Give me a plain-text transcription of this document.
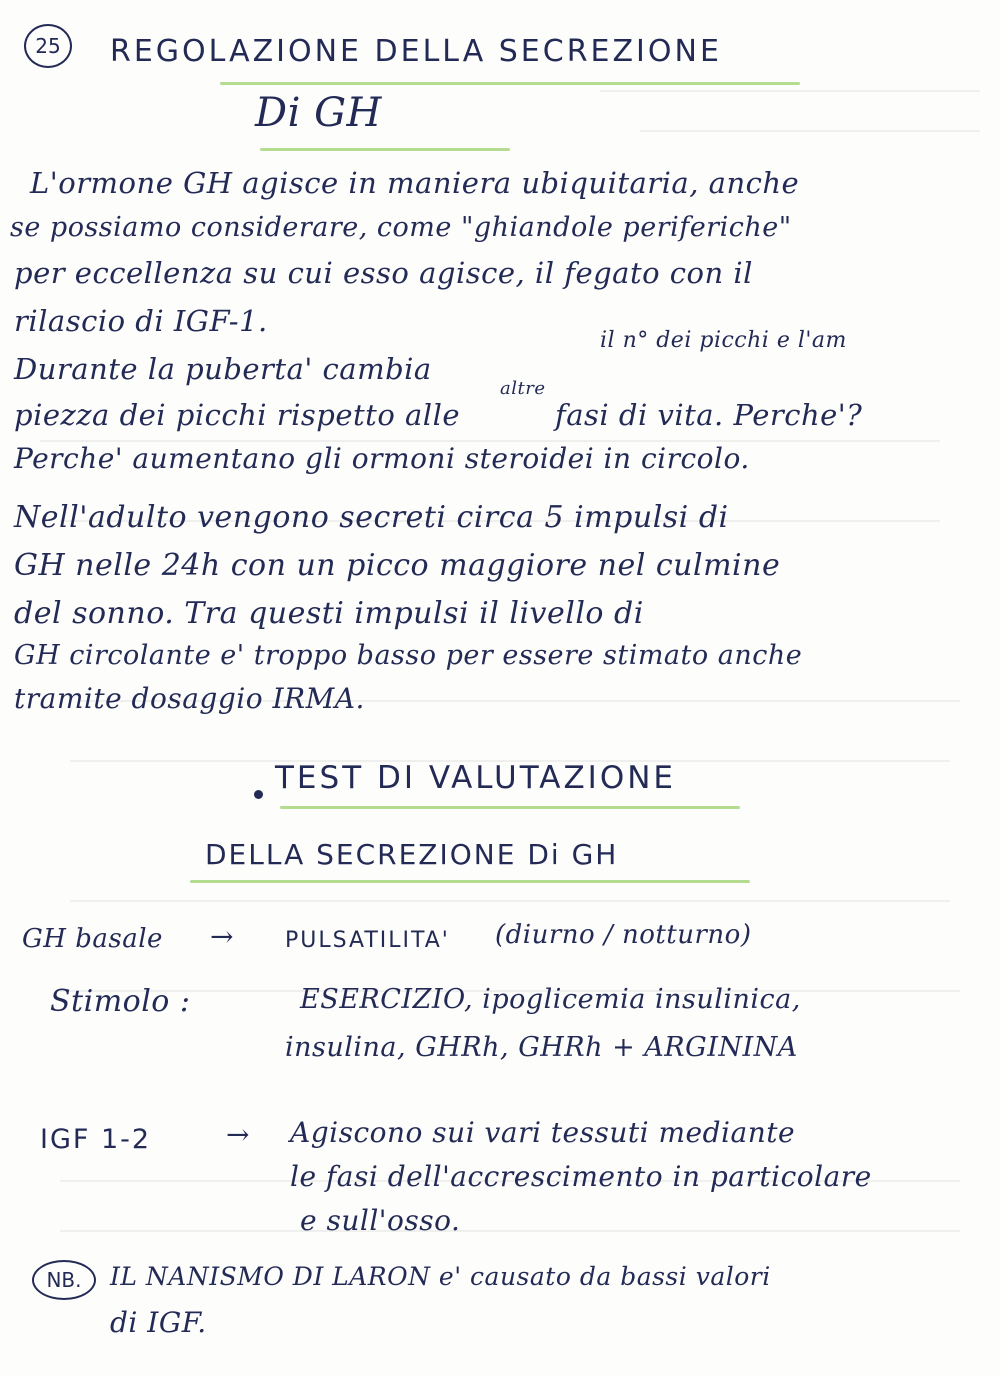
25 REGOLAZIONE DELLA SECREZIONE
Di GH
L'ormone GH agisce in maniera ubiquitaria, anche
se possiamo considerare, come "ghiandole periferiche"
per eccellenza su cui esso agisce, il fegato con il
rilascio di IGF-1.
il n° dei picchi e l'am
Durante la puberta' cambia
altre
piezza dei picchi rispetto alle	fasi di vita. Perche'?
Perche' aumentano gli ormoni steroidei in circolo.
Nell'adulto vengono secreti circa 5 impulsi di
GH nelle 24h con un picco maggiore nel culmine
del sonno. Tra questi impulsi il livello di
GH circolante e' troppo basso per essere stimato anche
tramite dosaggio IRMA.
TEST DI VALUTAZIONE
DELLA SECREZIONE Di GH
GH basale → PULSATILITA' (diurno / notturno)
Stimolo :	ESERCIZIO, ipoglicemia insulinica,
insulina, GHRh, GHRh + ARGININA
IGF 1-2	→ Agiscono sui vari tessuti mediante
le fasi dell'accrescimento in particolare
e sull'osso.
NB. IL NANISMO DI LARON e' causato da bassi valori
di IGF.
